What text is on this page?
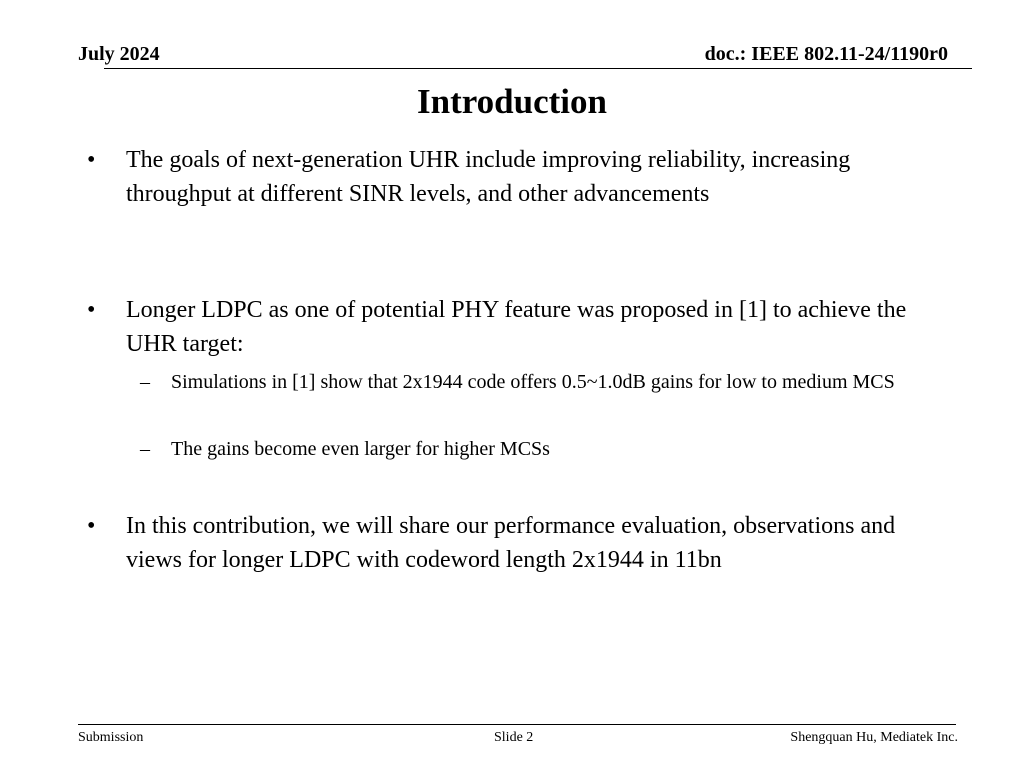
July 2024	doc.: IEEE 802.11-24/1190r0
Introduction
• The goals of next-generation UHR include improving reliability, increasing throughput at different SINR levels, and other advancements
• Longer LDPC as one of potential PHY feature was proposed in [1] to achieve the UHR target:
– Simulations in [1] show that 2x1944 code offers 0.5~1.0dB gains for low to medium MCS
– The gains become even larger for higher MCSs
• In this contribution, we will share our performance evaluation, observations and views for longer LDPC with codeword length 2x1944 in 11bn
Submission	Slide 2	Shengquan Hu, Mediatek Inc.
